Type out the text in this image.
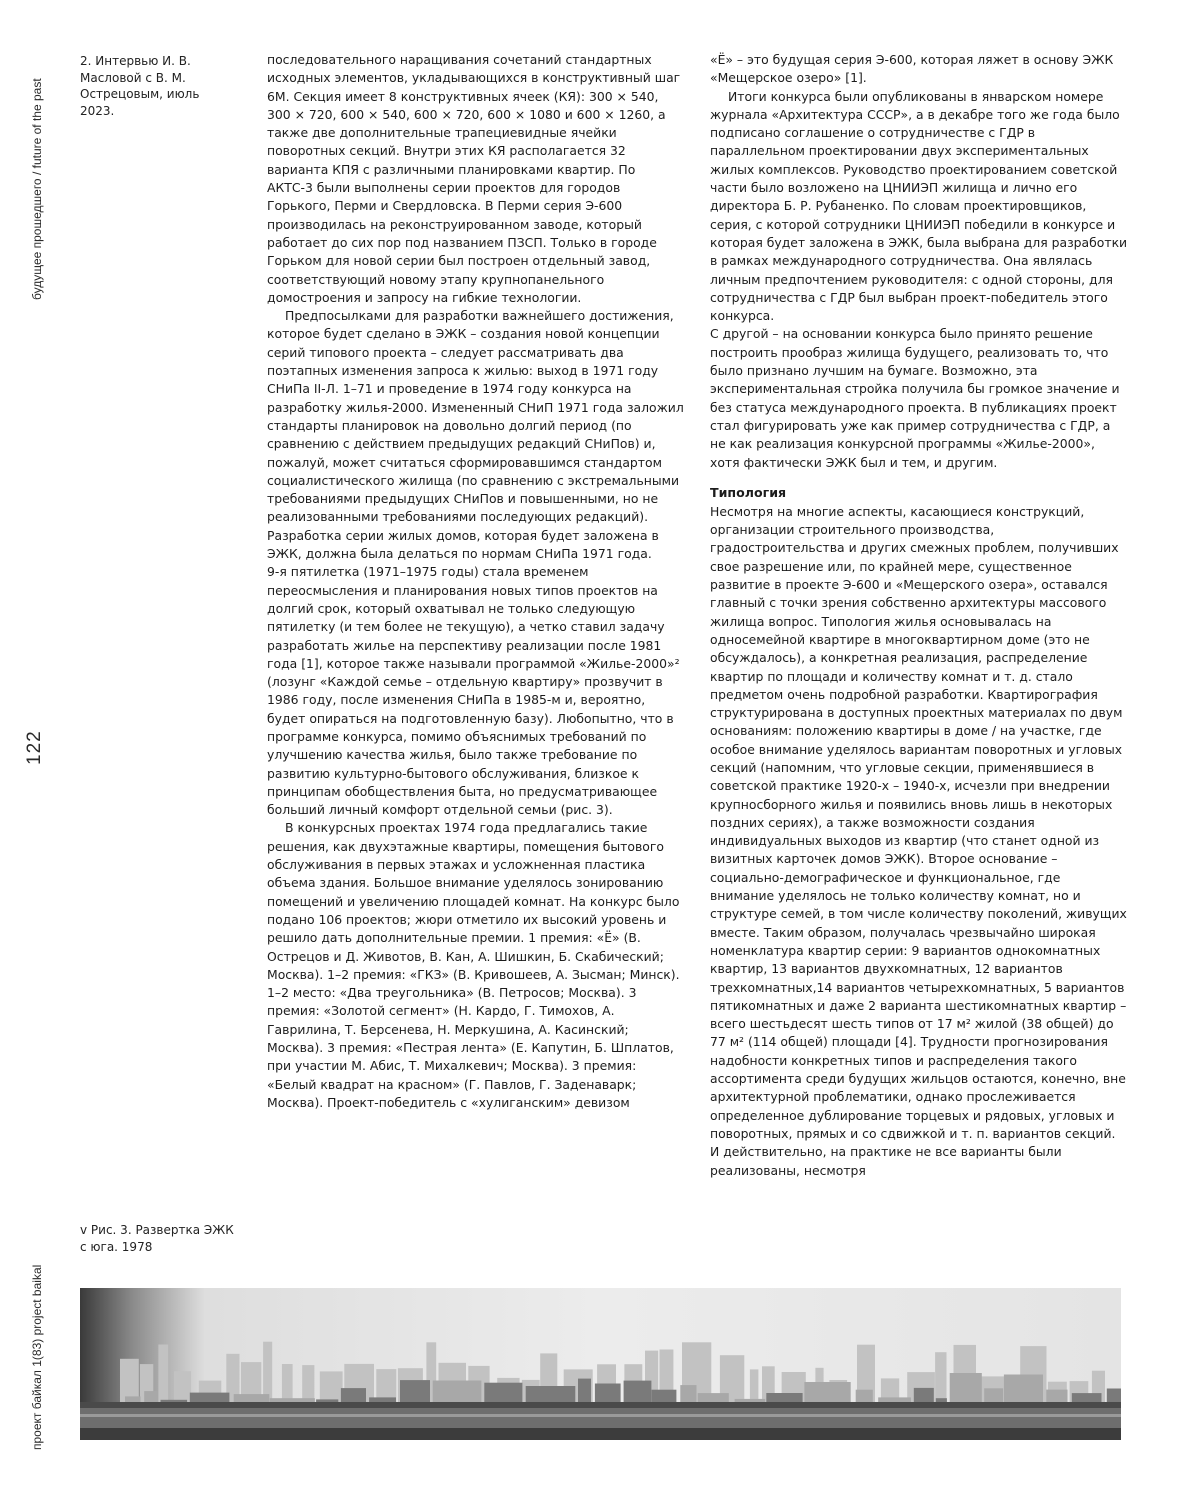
будущее прошедшего / future of the past
122
проект байкал 1(83) project baikal
2. Интервью И. В. Масловой с В. М. Острецовым, июль 2023.
v Рис. 3. Развертка ЭЖК с юга. 1978

последовательного наращивания сочетаний стандартных исходных элементов, укладывающихся в конструктивный шаг 6М. Секция имеет 8 конструктивных ячеек (КЯ): 300 × 540, 300 × 720, 600 × 540, 600 × 720, 600 × 1080 и 600 × 1260, а также две дополнительные трапециевидные ячейки поворотных секций. Внутри этих КЯ располагается 32 варианта КПЯ с различными планировками квартир. По АКТС-3 были выполнены серии проектов для городов Горького, Перми и Свердловска. В Перми серия Э-600 производилась на реконструированном заводе, который работает до сих пор под названием ПЗСП. Только в городе Горьком для новой серии был построен отдельный завод, соответствующий новому этапу крупнопанельного домостроения и запросу на гибкие технологии.

Предпосылками для разработки важнейшего достижения, которое будет сделано в ЭЖК – создания новой концепции серий типового проекта – следует рассматривать два поэтапных изменения запроса к жилью: выход в 1971 году СНиПа II-Л. 1–71 и проведение в 1974 году конкурса на разработку жилья-2000. Измененный СНиП 1971 года заложил стандарты планировок на довольно долгий период (по сравнению с действием предыдущих редакций СНиПов) и, пожалуй, может считаться сформировавшимся стандартом социалистического жилища (по сравнению с экстремальными требованиями предыдущих СНиПов и повышенными, но не реализованными требованиями последующих редакций). Разработка серии жилых домов, которая будет заложена в ЭЖК, должна была делаться по нормам СНиПа 1971 года.

9-я пятилетка (1971–1975 годы) стала временем переосмысления и планирования новых типов проектов на долгий срок, который охватывал не только следующую пятилетку (и тем более не текущую), а четко ставил задачу разработать жилье на перспективу реализации после 1981 года [1], которое также называли программой «Жилье-2000»² (лозунг «Каждой семье – отдельную квартиру» прозвучит в 1986 году, после изменения СНиПа в 1985-м и, вероятно, будет опираться на подготовленную базу). Любопытно, что в программе конкурса, помимо объяснимых требований по улучшению качества жилья, было также требование по развитию культурно-бытового обслуживания, близкое к принципам обобществления быта, но предусматривающее больший личный комфорт отдельной семьи (рис. 3).

В конкурсных проектах 1974 года предлагались такие решения, как двухэтажные квартиры, помещения бытового обслуживания в первых этажах и усложненная пластика объема здания. Большое внимание уделялось зонированию помещений и увеличению площадей комнат. На конкурс было подано 106 проектов; жюри отметило их высокий уровень и решило дать дополнительные премии. 1 премия: «Ё» (В. Острецов и Д. Животов, В. Кан, А. Шишкин, Б. Скабический; Москва). 1–2 премия: «ГКЗ» (В. Кривошеев, А. Зысман; Минск). 1–2 место: «Два треугольника» (В. Петросов; Москва). 3 премия: «Золотой сегмент» (Н. Кардо, Г. Тимохов, А. Гаврилина, Т. Берсенева, Н. Меркушина, А. Касинский; Москва). 3 премия: «Пестрая лента» (Е. Капутин, Б. Шплатов, при участии М. Абис, Т. Михалкевич; Москва). 3 премия: «Белый квадрат на красном» (Г. Павлов, Г. Заденаварк; Москва). Проект-победитель с «хулиганским» девизом

«Ё» – это будущая серия Э-600, которая ляжет в основу ЭЖК «Мещерское озеро» [1].

Итоги конкурса были опубликованы в январском номере журнала «Архитектура СССР», а в декабре того же года было подписано соглашение о сотрудничестве с ГДР в параллельном проектировании двух экспериментальных жилых комплексов. Руководство проектированием советской части было возложено на ЦНИИЭП жилища и лично его директора Б. Р. Рубаненко. По словам проектировщиков, серия, с которой сотрудники ЦНИИЭП победили в конкурсе и которая будет заложена в ЭЖК, была выбрана для разработки в рамках международного сотрудничества. Она являлась личным предпочтением руководителя: с одной стороны, для сотрудничества с ГДР был выбран проект-победитель этого конкурса.

С другой – на основании конкурса было принято решение построить прообраз жилища будущего, реализовать то, что было признано лучшим на бумаге. Возможно, эта экспериментальная стройка получила бы громкое значение и без статуса международного проекта. В публикациях проект стал фигурировать уже как пример сотрудничества с ГДР, а не как реализация конкурсной программы «Жилье-2000», хотя фактически ЭЖК был и тем, и другим.

Типология

Несмотря на многие аспекты, касающиеся конструкций, организации строительного производства, градостроительства и других смежных проблем, получивших свое разрешение или, по крайней мере, существенное развитие в проекте Э-600 и «Мещерского озера», оставался главный с точки зрения собственно архитектуры массового жилища вопрос. Типология жилья основывалась на односемейной квартире в многоквартирном доме (это не обсуждалось), а конкретная реализация, распределение квартир по площади и количеству комнат и т. д. стало предметом очень подробной разработки. Квартирография структурирована в доступных проектных материалах по двум основаниям: положению квартиры в доме / на участке, где особое внимание уделялось вариантам поворотных и угловых секций (напомним, что угловые секции, применявшиеся в советской практике 1920-х – 1940-х, исчезли при внедрении крупносборного жилья и появились вновь лишь в некоторых поздних сериях), а также возможности создания индивидуальных выходов из квартир (что станет одной из визитных карточек домов ЭЖК). Второе основание – социально-демографическое и функциональное, где внимание уделялось не только количеству комнат, но и структуре семей, в том числе количеству поколений, живущих вместе. Таким образом, получалась чрезвычайно широкая номенклатура квартир серии: 9 вариантов однокомнатных квартир, 13 вариантов двухкомнатных, 12 вариантов трехкомнатных,14 вариантов четырехкомнатных, 5 вариантов пятикомнатных и даже 2 варианта шестикомнатных квартир – всего шестьдесят шесть типов от 17 м² жилой (38 общей) до 77 м² (114 общей) площади [4]. Трудности прогнозирования надобности конкретных типов и распределения такого ассортимента среди будущих жильцов остаются, конечно, вне архитектурной проблематики, однако прослеживается определенное дублирование торцевых и рядовых, угловых и поворотных, прямых и со сдвижкой и т. п. вариантов секций. И действительно, на практике не все варианты были реализованы, несмотря
